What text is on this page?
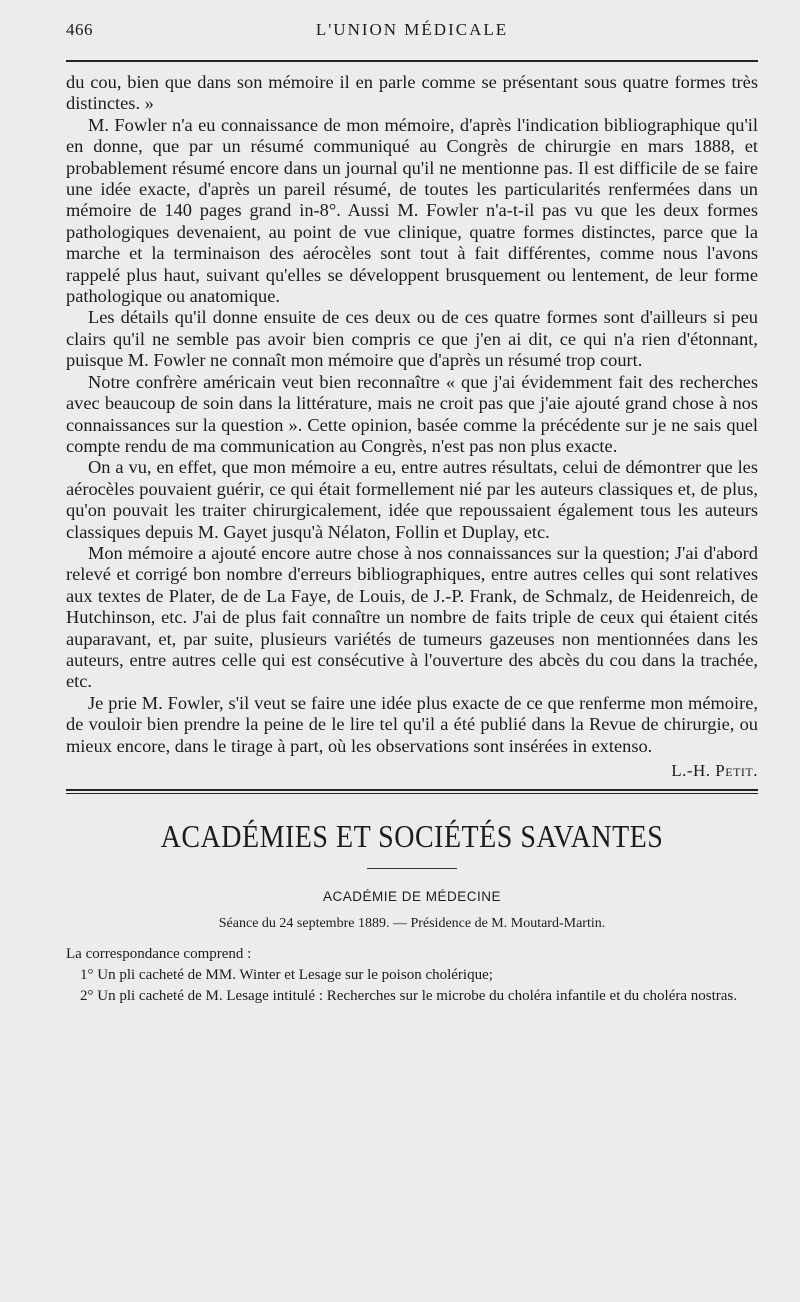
466	L'UNION MÉDICALE

du cou, bien que dans son mémoire il en parle comme se présentant sous quatre formes très distinctes. »

M. Fowler n'a eu connaissance de mon mémoire, d'après l'indication bibliographique qu'il en donne, que par un résumé communiqué au Congrès de chirurgie en mars 1888, et probablement résumé encore dans un journal qu'il ne mentionne pas. Il est difficile de se faire une idée exacte, d'après un pareil résumé, de toutes les particularités renfermées dans un mémoire de 140 pages grand in-8°. Aussi M. Fowler n'a-t-il pas vu que les deux formes pathologiques devenaient, au point de vue clinique, quatre formes distinctes, parce que la marche et la terminaison des aérocèles sont tout à fait différentes, comme nous l'avons rappelé plus haut, suivant qu'elles se développent brusquement ou lentement, de leur forme pathologique ou anatomique.

Les détails qu'il donne ensuite de ces deux ou de ces quatre formes sont d'ailleurs si peu clairs qu'il ne semble pas avoir bien compris ce que j'en ai dit, ce qui n'a rien d'étonnant, puisque M. Fowler ne connaît mon mémoire que d'après un résumé trop court.

Notre confrère américain veut bien reconnaître « que j'ai évidemment fait des recherches avec beaucoup de soin dans la littérature, mais ne croit pas que j'aie ajouté grand chose à nos connaissances sur la question ». Cette opinion, basée comme la précédente sur je ne sais quel compte rendu de ma communication au Congrès, n'est pas non plus exacte.

On a vu, en effet, que mon mémoire a eu, entre autres résultats, celui de démontrer que les aérocèles pouvaient guérir, ce qui était formellement nié par les auteurs classiques et, de plus, qu'on pouvait les traiter chirurgicalement, idée que repoussaient également tous les auteurs classiques depuis M. Gayet jusqu'à Nélaton, Follin et Duplay, etc.

Mon mémoire a ajouté encore autre chose à nos connaissances sur la question; J'ai d'abord relevé et corrigé bon nombre d'erreurs bibliographiques, entre autres celles qui sont relatives aux textes de Plater, de de La Faye, de Louis, de J.-P. Frank, de Schmalz, de Heidenreich, de Hutchinson, etc. J'ai de plus fait connaître un nombre de faits triple de ceux qui étaient cités auparavant, et, par suite, plusieurs variétés de tumeurs gazeuses non mentionnées dans les auteurs, entre autres celle qui est consécutive à l'ouverture des abcès du cou dans la trachée, etc.

Je prie M. Fowler, s'il veut se faire une idée plus exacte de ce que renferme mon mémoire, de vouloir bien prendre la peine de le lire tel qu'il a été publié dans la Revue de chirurgie, ou mieux encore, dans le tirage à part, où les observations sont insérées in extenso.

L.-H. Petit.
ACADÉMIES ET SOCIÉTÉS SAVANTES
ACADÉMIE DE MÉDECINE
Séance du 24 septembre 1889. — Présidence de M. Moutard-Martin.

La correspondance comprend :

1° Un pli cacheté de MM. Winter et Lesage sur le poison cholérique;

2° Un pli cacheté de M. Lesage intitulé : Recherches sur le microbe du choléra infantile et du choléra nostras.
